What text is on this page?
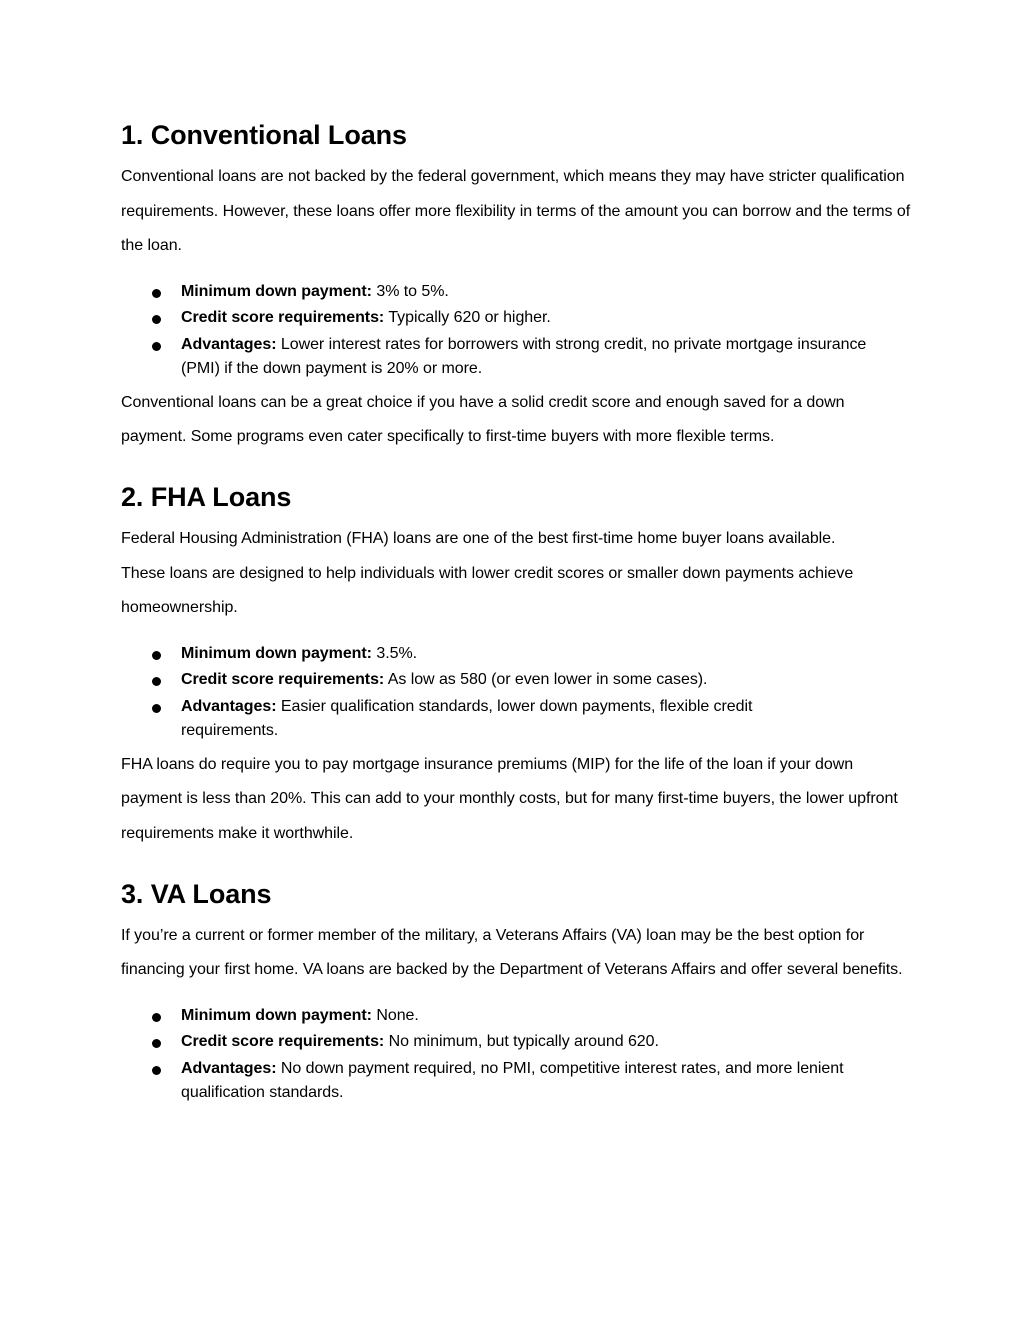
1. Conventional Loans

Conventional loans are not backed by the federal government, which means they may have stricter qualification requirements. However, these loans offer more flexibility in terms of the amount you can borrow and the terms of the loan.

Minimum down payment: 3% to 5%.
Credit score requirements: Typically 620 or higher.
Advantages: Lower interest rates for borrowers with strong credit, no private mortgage insurance (PMI) if the down payment is 20% or more.

Conventional loans can be a great choice if you have a solid credit score and enough saved for a down payment. Some programs even cater specifically to first-time buyers with more flexible terms.

2. FHA Loans

Federal Housing Administration (FHA) loans are one of the best first-time home buyer loans available. These loans are designed to help individuals with lower credit scores or smaller down payments achieve homeownership.

Minimum down payment: 3.5%.
Credit score requirements: As low as 580 (or even lower in some cases).
Advantages: Easier qualification standards, lower down payments, flexible credit requirements.

FHA loans do require you to pay mortgage insurance premiums (MIP) for the life of the loan if your down payment is less than 20%. This can add to your monthly costs, but for many first-time buyers, the lower upfront requirements make it worthwhile.

3. VA Loans

If you’re a current or former member of the military, a Veterans Affairs (VA) loan may be the best option for financing your first home. VA loans are backed by the Department of Veterans Affairs and offer several benefits.

Minimum down payment: None.
Credit score requirements: No minimum, but typically around 620.
Advantages: No down payment required, no PMI, competitive interest rates, and more lenient qualification standards.
